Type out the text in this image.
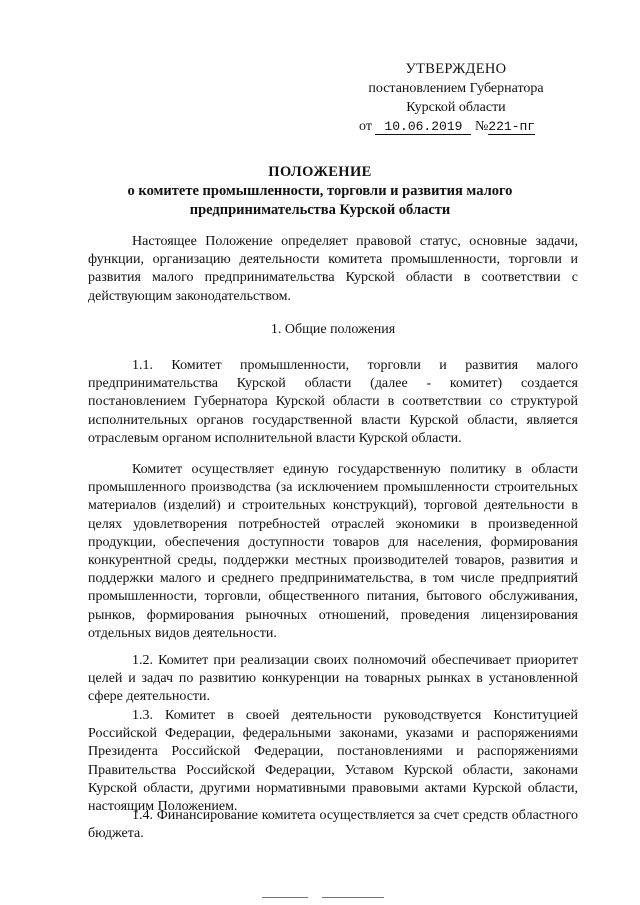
УТВЕРЖДЕНО
постановлением Губернатора
Курской области
от 10.06.2019 №221-пг
ПОЛОЖЕНИЕ
о комитете промышленности, торговли и развития малого
предпринимательства Курской области

Настоящее Положение определяет правовой статус, основные задачи, функции, организацию деятельности комитета промышленности, торговли и развития малого предпринимательства Курской области в соответствии с действующим законодательством.

1. Общие положения

1.1. Комитет промышленности, торговли и развития малого предпринимательства Курской области (далее - комитет) создается постановлением Губернатора Курской области в соответствии со структурой исполнительных органов государственной власти Курской области, является отраслевым органом исполнительной власти Курской области.

Комитет осуществляет единую государственную политику в области промышленного производства (за исключением промышленности строительных материалов (изделий) и строительных конструкций), торговой деятельности в целях удовлетворения потребностей отраслей экономики в произведенной продукции, обеспечения доступности товаров для населения, формирования конкурентной среды, поддержки местных производителей товаров, развития и поддержки малого и среднего предпринимательства, в том числе предприятий промышленности, торговли, общественного питания, бытового обслуживания, рынков, формирования рыночных отношений, проведения лицензирования отдельных видов деятельности.

1.2. Комитет при реализации своих полномочий обеспечивает приоритет целей и задач по развитию конкуренции на товарных рынках в установленной сфере деятельности.

1.3. Комитет в своей деятельности руководствуется Конституцией Российской Федерации, федеральными законами, указами и распоряжениями Президента Российской Федерации, постановлениями и распоряжениями Правительства Российской Федерации, Уставом Курской области, законами Курской области, другими нормативными правовыми актами Курской области, настоящим Положением.

1.4. Финансирование комитета осуществляется за счет средств областного бюджета.
